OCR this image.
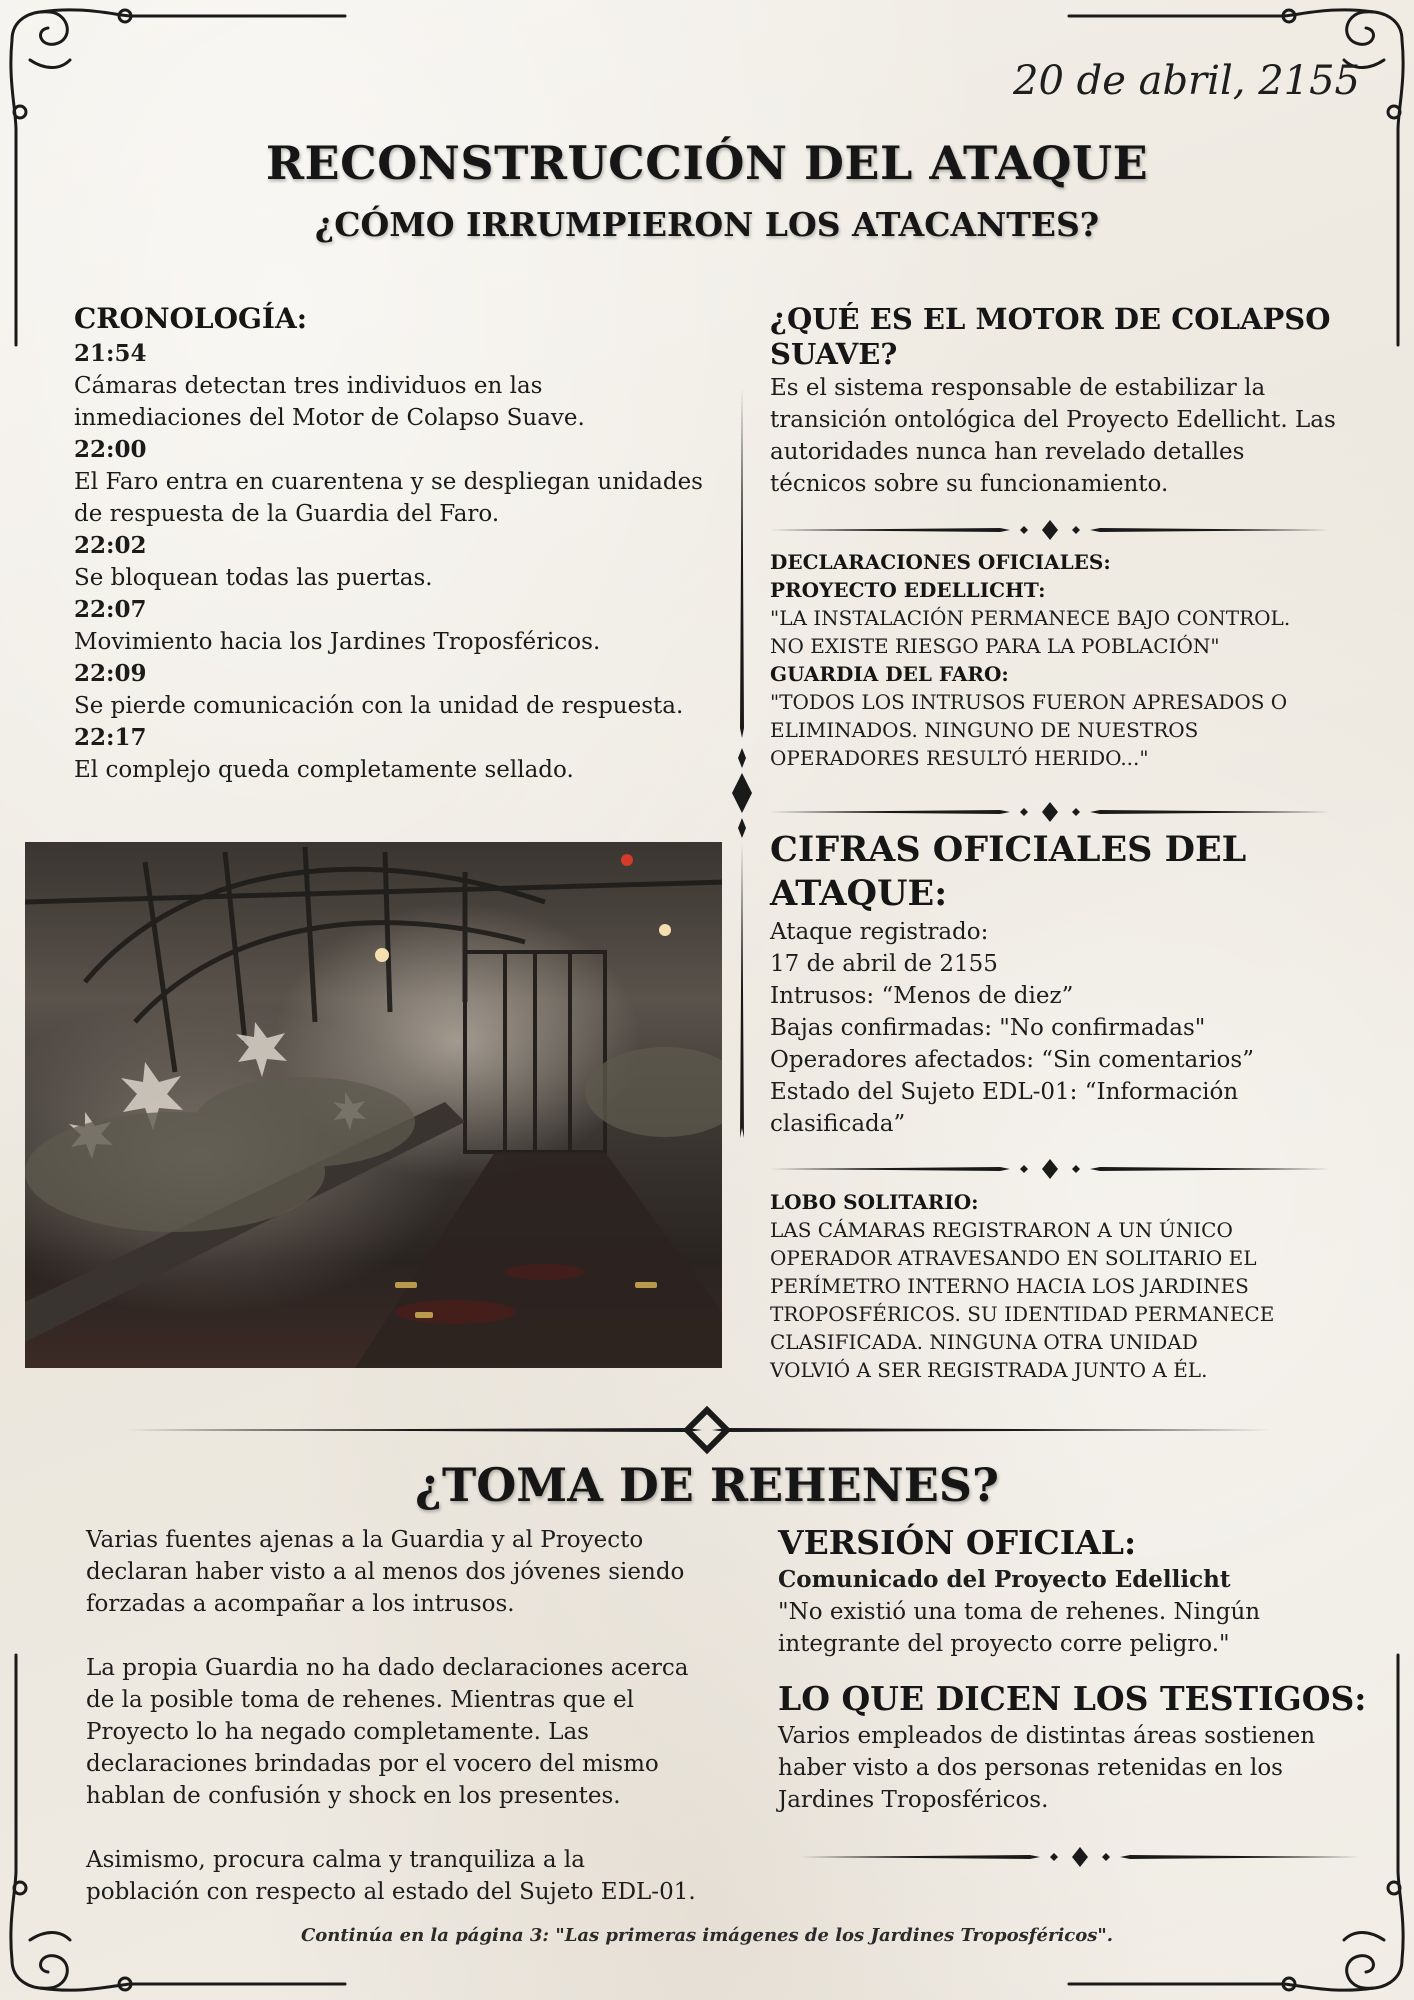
20 de abril, 2155
RECONSTRUCCIÓN DEL ATAQUE
¿CÓMO IRRUMPIERON LOS ATACANTES?
CRONOLOGÍA:
21:54
Cámaras detectan tres individuos en las
inmediaciones del Motor de Colapso Suave.
22:00
El Faro entra en cuarentena y se despliegan unidades
de respuesta de la Guardia del Faro.
22:02
Se bloquean todas las puertas.
22:07
Movimiento hacia los Jardines Troposféricos.
22:09
Se pierde comunicación con la unidad de respuesta.
22:17
El complejo queda completamente sellado.
¿QUÉ ES EL MOTOR DE COLAPSO
SUAVE?
Es el sistema responsable de estabilizar la
transición ontológica del Proyecto Edellicht. Las
autoridades nunca han revelado detalles
técnicos sobre su funcionamiento.
DECLARACIONES OFICIALES:
PROYECTO EDELLICHT:
"LA INSTALACIÓN PERMANECE BAJO CONTROL.
NO EXISTE RIESGO PARA LA POBLACIÓN"
GUARDIA DEL FARO:
"TODOS LOS INTRUSOS FUERON APRESADOS O
ELIMINADOS. NINGUNO DE NUESTROS
OPERADORES RESULTÓ HERIDO..."
CIFRAS OFICIALES DEL
ATAQUE:
Ataque registrado:
17 de abril de 2155
Intrusos: “Menos de diez”
Bajas confirmadas: "No confirmadas"
Operadores afectados: “Sin comentarios”
Estado del Sujeto EDL-01: “Información
clasificada”
LOBO SOLITARIO:
LAS CÁMARAS REGISTRARON A UN ÚNICO
OPERADOR ATRAVESANDO EN SOLITARIO EL
PERÍMETRO INTERNO HACIA LOS JARDINES
TROPOSFÉRICOS. SU IDENTIDAD PERMANECE
CLASIFICADA. NINGUNA OTRA UNIDAD
VOLVIÓ A SER REGISTRADA JUNTO A ÉL.
¿TOMA DE REHENES?
Varias fuentes ajenas a la Guardia y al Proyecto
declaran haber visto a al menos dos jóvenes siendo
forzadas a acompañar a los intrusos.
La propia Guardia no ha dado declaraciones acerca
de la posible toma de rehenes. Mientras que el
Proyecto lo ha negado completamente. Las
declaraciones brindadas por el vocero del mismo
hablan de confusión y shock en los presentes.
Asimismo, procura calma y tranquiliza a la
población con respecto al estado del Sujeto EDL-01.
VERSIÓN OFICIAL:
Comunicado del Proyecto Edellicht
"No existió una toma de rehenes. Ningún
integrante del proyecto corre peligro."
LO QUE DICEN LOS TESTIGOS:
Varios empleados de distintas áreas sostienen
haber visto a dos personas retenidas en los
Jardines Troposféricos.
Continúa en la página 3: "Las primeras imágenes de los Jardines Troposféricos".
